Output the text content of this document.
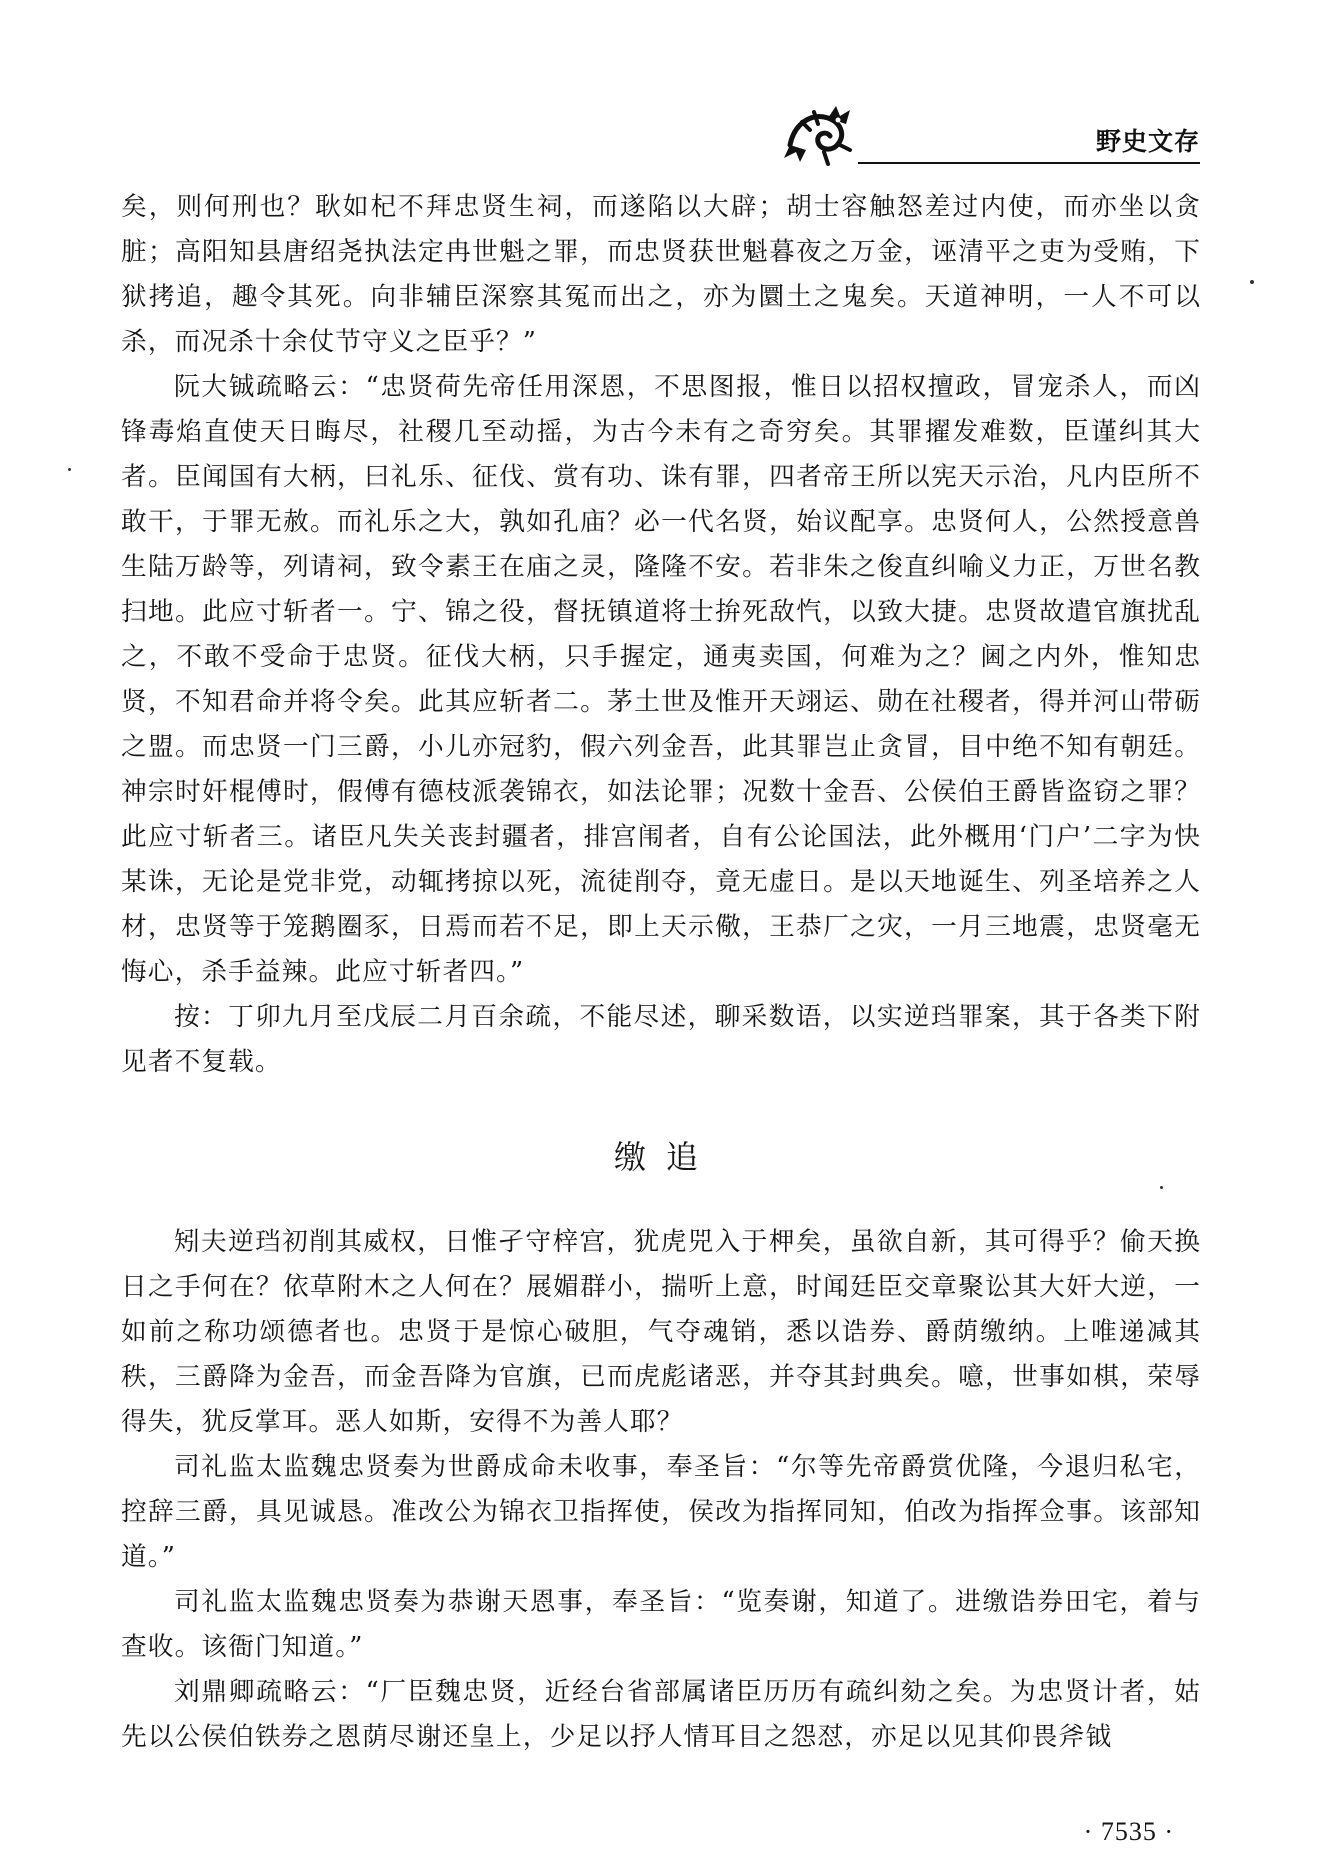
野史文存

矣，则何刑也？耿如杞不拜忠贤生祠，而遂陷以大辟；胡士容触怒差过内使，而亦坐以贪脏；高阳知县唐绍尧执法定冉世魁之罪，而忠贤获世魁暮夜之万金，诬清平之吏为受贿，下狱拷追，趣令其死。向非辅臣深察其冤而出之，亦为圜土之鬼矣。天道神明，一人不可以杀，而况杀十余仗节守义之臣乎？”

阮大铖疏略云：“忠贤荷先帝任用深恩，不思图报，惟日以招权擅政，冒宠杀人，而凶锋毒焰直使天日晦尽，社稷几至动摇，为古今未有之奇穷矣。其罪擢发难数，臣谨纠其大者。臣闻国有大柄，曰礼乐、征伐、赏有功、诛有罪，四者帝王所以宪天示治，凡内臣所不敢干，于罪无赦。而礼乐之大，孰如孔庙？必一代名贤，始议配享。忠贤何人，公然授意兽生陆万龄等，列请祠，致令素王在庙之灵，隆隆不安。若非朱之俊直纠喻义力正，万世名教扫地。此应寸斩者一。宁、锦之役，督抚镇道将士拚死敌忾，以致大捷。忠贤故遣官旗扰乱之，不敢不受命于忠贤。征伐大柄，只手握定，通夷卖国，何难为之？阃之内外，惟知忠贤，不知君命并将令矣。此其应斩者二。茅土世及惟开天翊运、勋在社稷者，得并河山带砺之盟。而忠贤一门三爵，小儿亦冠豹，假六列金吾，此其罪岂止贪冒，目中绝不知有朝廷。神宗时奸棍傅时，假傅有德枝派袭锦衣，如法论罪；况数十金吾、公侯伯王爵皆盗窃之罪？此应寸斩者三。诸臣凡失关丧封疆者，排宫闱者，自有公论国法，此外概用‘门户’二字为快某诛，无论是党非党，动辄拷掠以死，流徒削夺，竟无虚日。是以天地诞生、列圣培养之人材，忠贤等于笼鹅圈豕，日焉而若不足，即上天示儆，王恭厂之灾，一月三地震，忠贤毫无悔心，杀手益辣。此应寸斩者四。”

按：丁卯九月至戊辰二月百余疏，不能尽述，聊采数语，以实逆珰罪案，其于各类下附见者不复载。

缴追

矧夫逆珰初削其威权，日惟孑守梓宫，犹虎兕入于柙矣，虽欲自新，其可得乎？偷天换日之手何在？依草附木之人何在？展媚群小，揣听上意，时闻廷臣交章聚讼其大奸大逆，一如前之称功颂德者也。忠贤于是惊心破胆，气夺魂销，悉以诰券、爵荫缴纳。上唯递减其秩，三爵降为金吾，而金吾降为官旗，已而虎彪诸恶，并夺其封典矣。噫，世事如棋，荣辱得失，犹反掌耳。恶人如斯，安得不为善人耶？

司礼监太监魏忠贤奏为世爵成命未收事，奉圣旨：“尔等先帝爵赏优隆，今退归私宅，控辞三爵，具见诚恳。准改公为锦衣卫指挥使，侯改为指挥同知，伯改为指挥佥事。该部知道。”

司礼监太监魏忠贤奏为恭谢天恩事，奉圣旨：“览奏谢，知道了。进缴诰券田宅，着与查收。该衙门知道。”

刘鼎卿疏略云：“厂臣魏忠贤，近经台省部属诸臣历历有疏纠劾之矣。为忠贤计者，姑先以公侯伯铁券之恩荫尽谢还皇上，少足以抒人情耳目之怨怼，亦足以见其仰畏斧钺

· 7535 ·
